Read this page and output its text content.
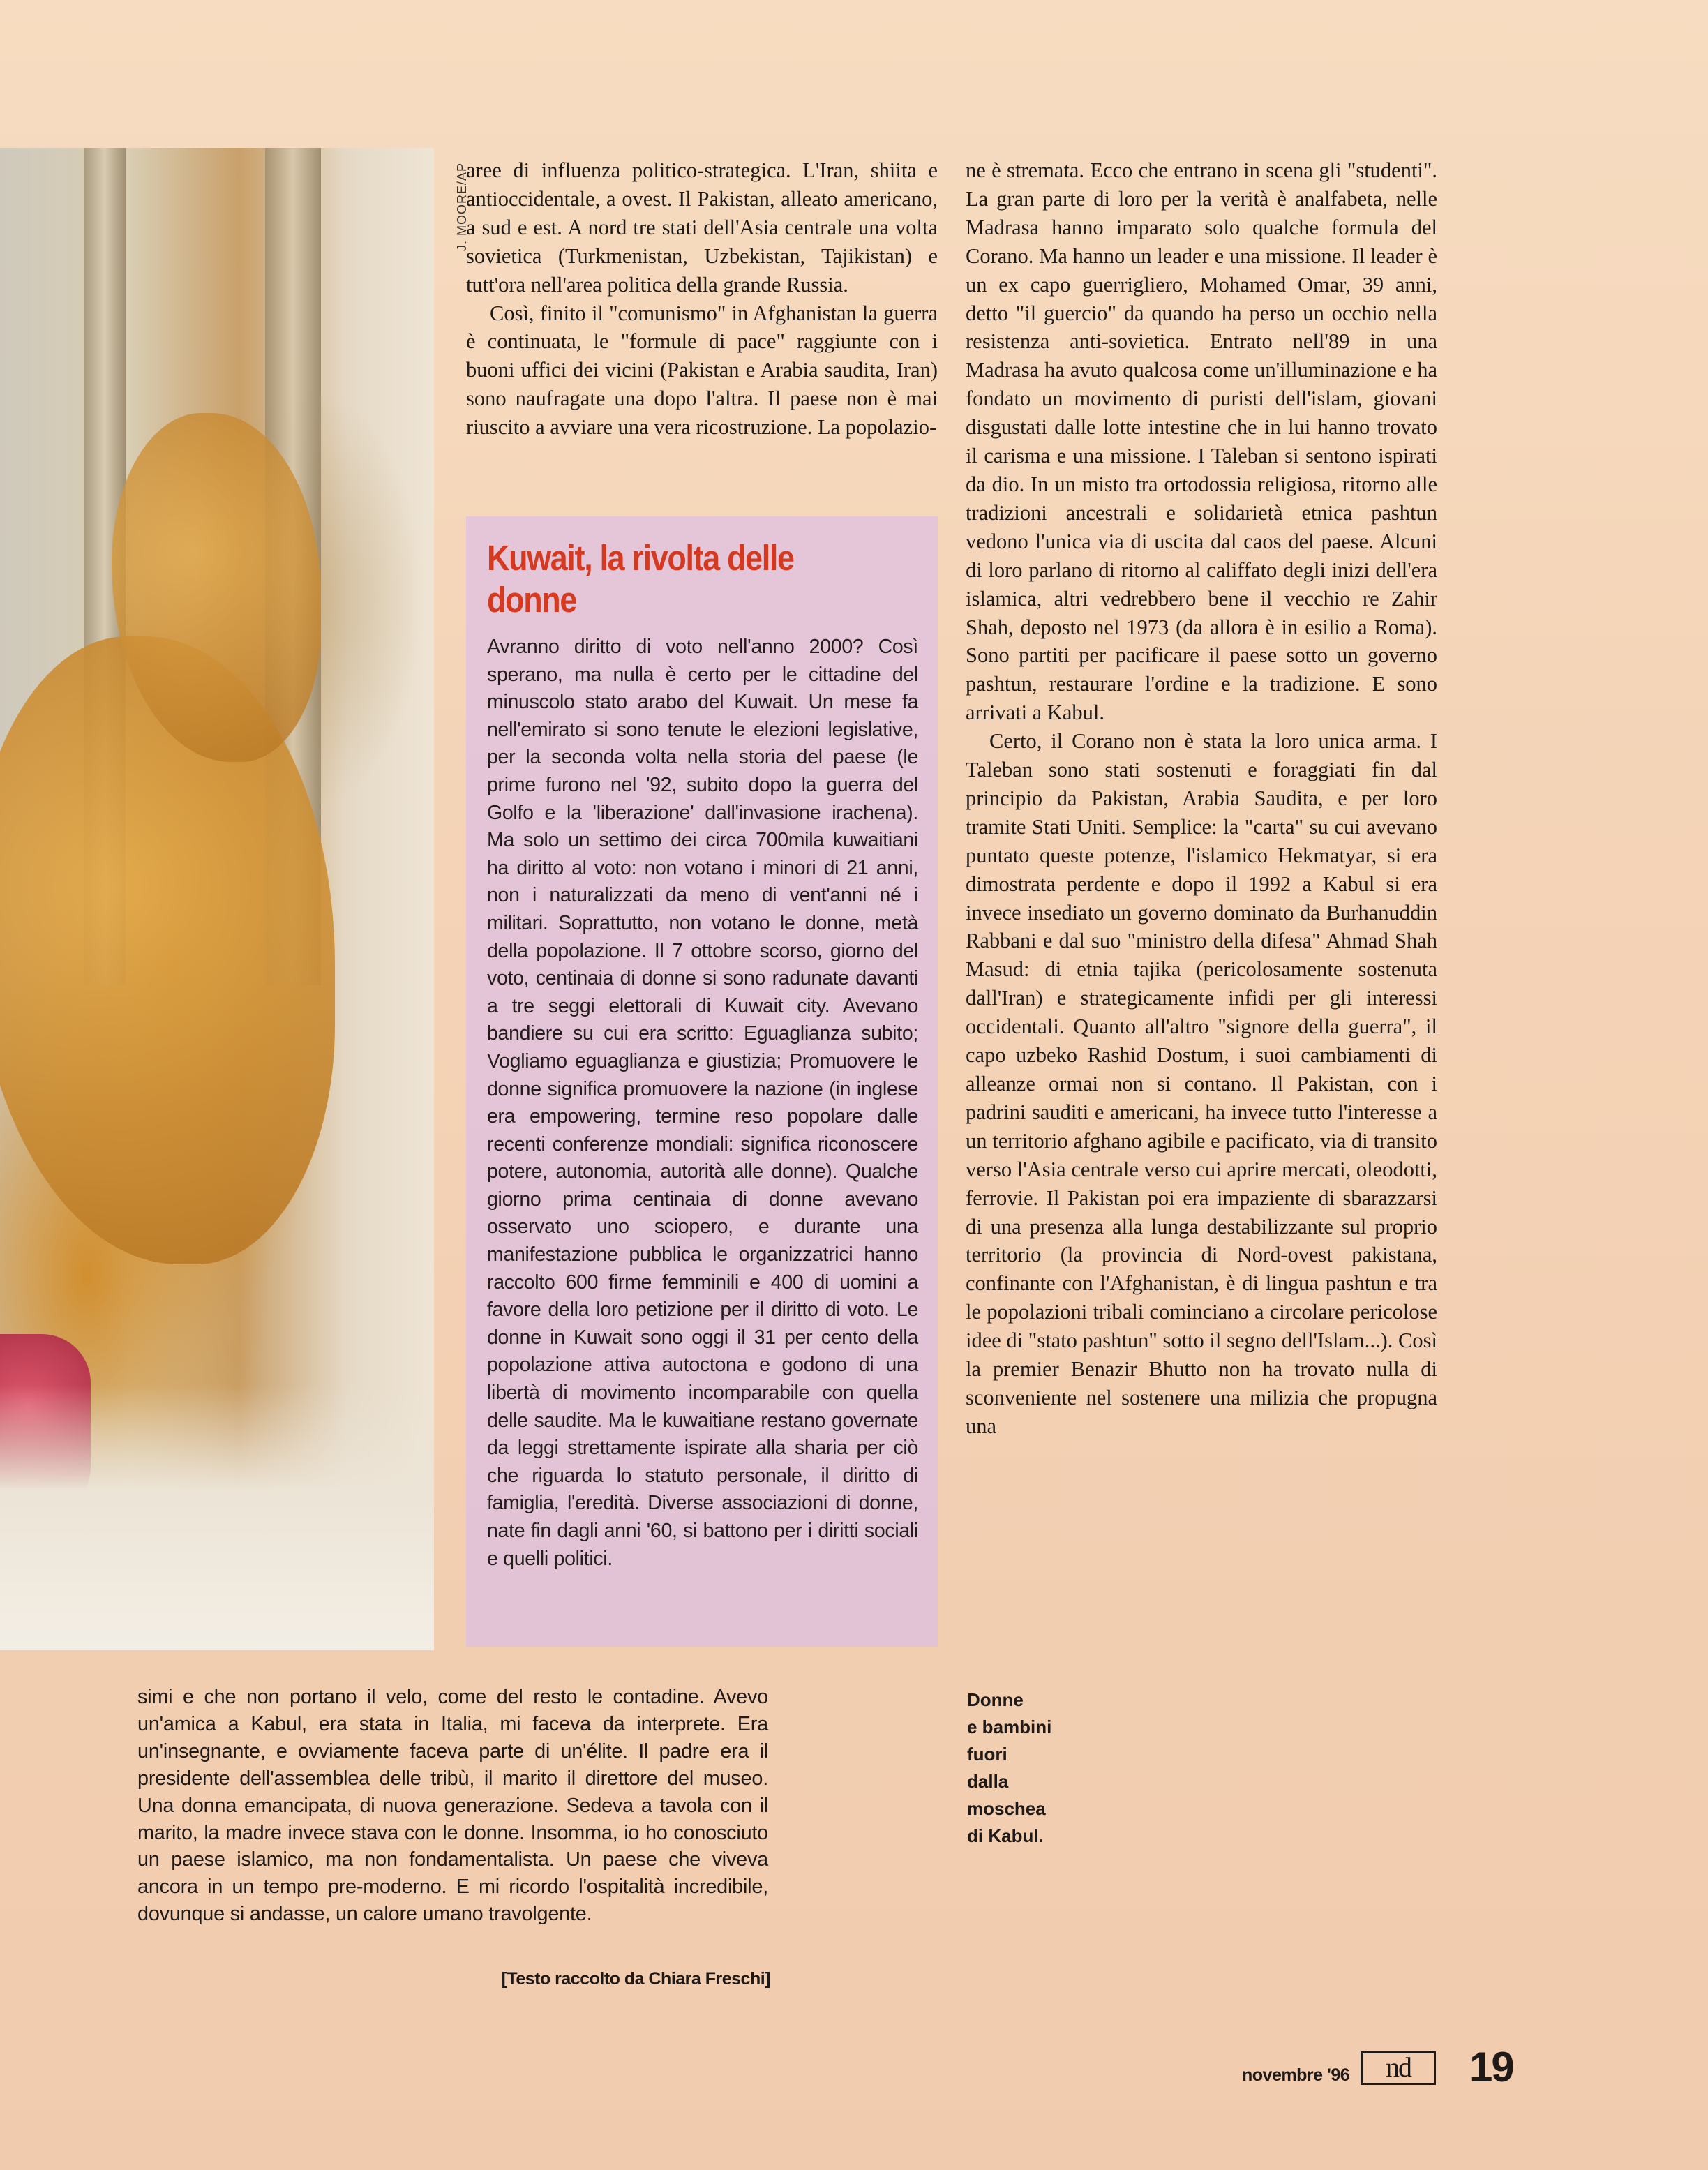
J. MOORE/AP

aree di influenza politico-strategica. L'Iran, shiita e antioccidentale, a ovest. Il Pakistan, alleato americano, a sud e est. A nord tre stati dell'Asia centrale una volta sovietica (Turkmenistan, Uzbekistan, Tajikistan) e tutt'ora nell'area politica della grande Russia.

Così, finito il "comunismo" in Afghanistan la guerra è continuata, le "formule di pace" raggiunte con i buoni uffici dei vicini (Pakistan e Arabia saudita, Iran) sono naufragate una dopo l'altra. Il paese non è mai riuscito a avviare una vera ricostruzione. La popolazio-

Kuwait, la rivolta delle donne
Avranno diritto di voto nell'anno 2000? Così sperano, ma nulla è certo per le cittadine del minuscolo stato arabo del Kuwait. Un mese fa nell'emirato si sono tenute le elezioni legislative, per la seconda volta nella storia del paese (le prime furono nel '92, subito dopo la guerra del Golfo e la 'liberazione' dall'invasione irachena). Ma solo un settimo dei circa 700mila kuwaitiani ha diritto al voto: non votano i minori di 21 anni, non i naturalizzati da meno di vent'anni né i militari. Soprattutto, non votano le donne, metà della popolazione. Il 7 ottobre scorso, giorno del voto, centinaia di donne si sono radunate davanti a tre seggi elettorali di Kuwait city. Avevano bandiere su cui era scritto: Eguaglianza subito; Vogliamo eguaglianza e giustizia; Promuovere le donne significa promuovere la nazione (in inglese era empowering, termine reso popolare dalle recenti conferenze mondiali: significa riconoscere potere, autonomia, autorità alle donne). Qualche giorno prima centinaia di donne avevano osservato uno sciopero, e durante una manifestazione pubblica le organizzatrici hanno raccolto 600 firme femminili e 400 di uomini a favore della loro petizione per il diritto di voto. Le donne in Kuwait sono oggi il 31 per cento della popolazione attiva autoctona e godono di una libertà di movimento incomparabile con quella delle saudite. Ma le kuwaitiane restano governate da leggi strettamente ispirate alla sharia per ciò che riguarda lo statuto personale, il diritto di famiglia, l'eredità. Diverse associazioni di donne, nate fin dagli anni '60, si battono per i diritti sociali e quelli politici.

ne è stremata. Ecco che entrano in scena gli "studenti". La gran parte di loro per la verità è analfabeta, nelle Madrasa hanno imparato solo qualche formula del Corano. Ma hanno un leader e una missione. Il leader è un ex capo guerrigliero, Mohamed Omar, 39 anni, detto "il guercio" da quando ha perso un occhio nella resistenza anti-sovietica. Entrato nell'89 in una Madrasa ha avuto qualcosa come un'illuminazione e ha fondato un movimento di puristi dell'islam, giovani disgustati dalle lotte intestine che in lui hanno trovato il carisma e una missione. I Taleban si sentono ispirati da dio. In un misto tra ortodossia religiosa, ritorno alle tradizioni ancestrali e solidarietà etnica pashtun vedono l'unica via di uscita dal caos del paese. Alcuni di loro parlano di ritorno al califfato degli inizi dell'era islamica, altri vedrebbero bene il vecchio re Zahir Shah, deposto nel 1973 (da allora è in esilio a Roma). Sono partiti per pacificare il paese sotto un governo pashtun, restaurare l'ordine e la tradizione. E sono arrivati a Kabul.

Certo, il Corano non è stata la loro unica arma. I Taleban sono stati sostenuti e foraggiati fin dal principio da Pakistan, Arabia Saudita, e per loro tramite Stati Uniti. Semplice: la "carta" su cui avevano puntato queste potenze, l'islamico Hekmatyar, si era dimostrata perdente e dopo il 1992 a Kabul si era invece insediato un governo dominato da Burhanuddin Rabbani e dal suo "ministro della difesa" Ahmad Shah Masud: di etnia tajika (pericolosamente sostenuta dall'Iran) e strategicamente infidi per gli interessi occidentali. Quanto all'altro "signore della guerra", il capo uzbeko Rashid Dostum, i suoi cambiamenti di alleanze ormai non si contano. Il Pakistan, con i padrini sauditi e americani, ha invece tutto l'interesse a un territorio afghano agibile e pacificato, via di transito verso l'Asia centrale verso cui aprire mercati, oleodotti, ferrovie. Il Pakistan poi era impaziente di sbarazzarsi di una presenza alla lunga destabilizzante sul proprio territorio (la provincia di Nord-ovest pakistana, confinante con l'Afghanistan, è di lingua pashtun e tra le popolazioni tribali cominciano a circolare pericolose idee di "stato pashtun" sotto il segno dell'Islam...). Così la premier Benazir Bhutto non ha trovato nulla di sconveniente nel sostenere una milizia che propugna una

simi e che non portano il velo, come del resto le contadine. Avevo un'amica a Kabul, era stata in Italia, mi faceva da interprete. Era un'insegnante, e ovviamente faceva parte di un'élite. Il padre era il presidente dell'assemblea delle tribù, il marito il direttore del museo. Una donna emancipata, di nuova generazione. Sedeva a tavola con il marito, la madre invece stava con le donne. Insomma, io ho conosciuto un paese islamico, ma non fondamentalista. Un paese che viveva ancora in un tempo pre-moderno. E mi ricordo l'ospitalità incredibile, dovunque si andasse, un calore umano travolgente.
[Testo raccolto da Chiara Freschi]
Donne
e bambini
fuori
dalla
moschea
di Kabul.
novembre '96	nd	19
